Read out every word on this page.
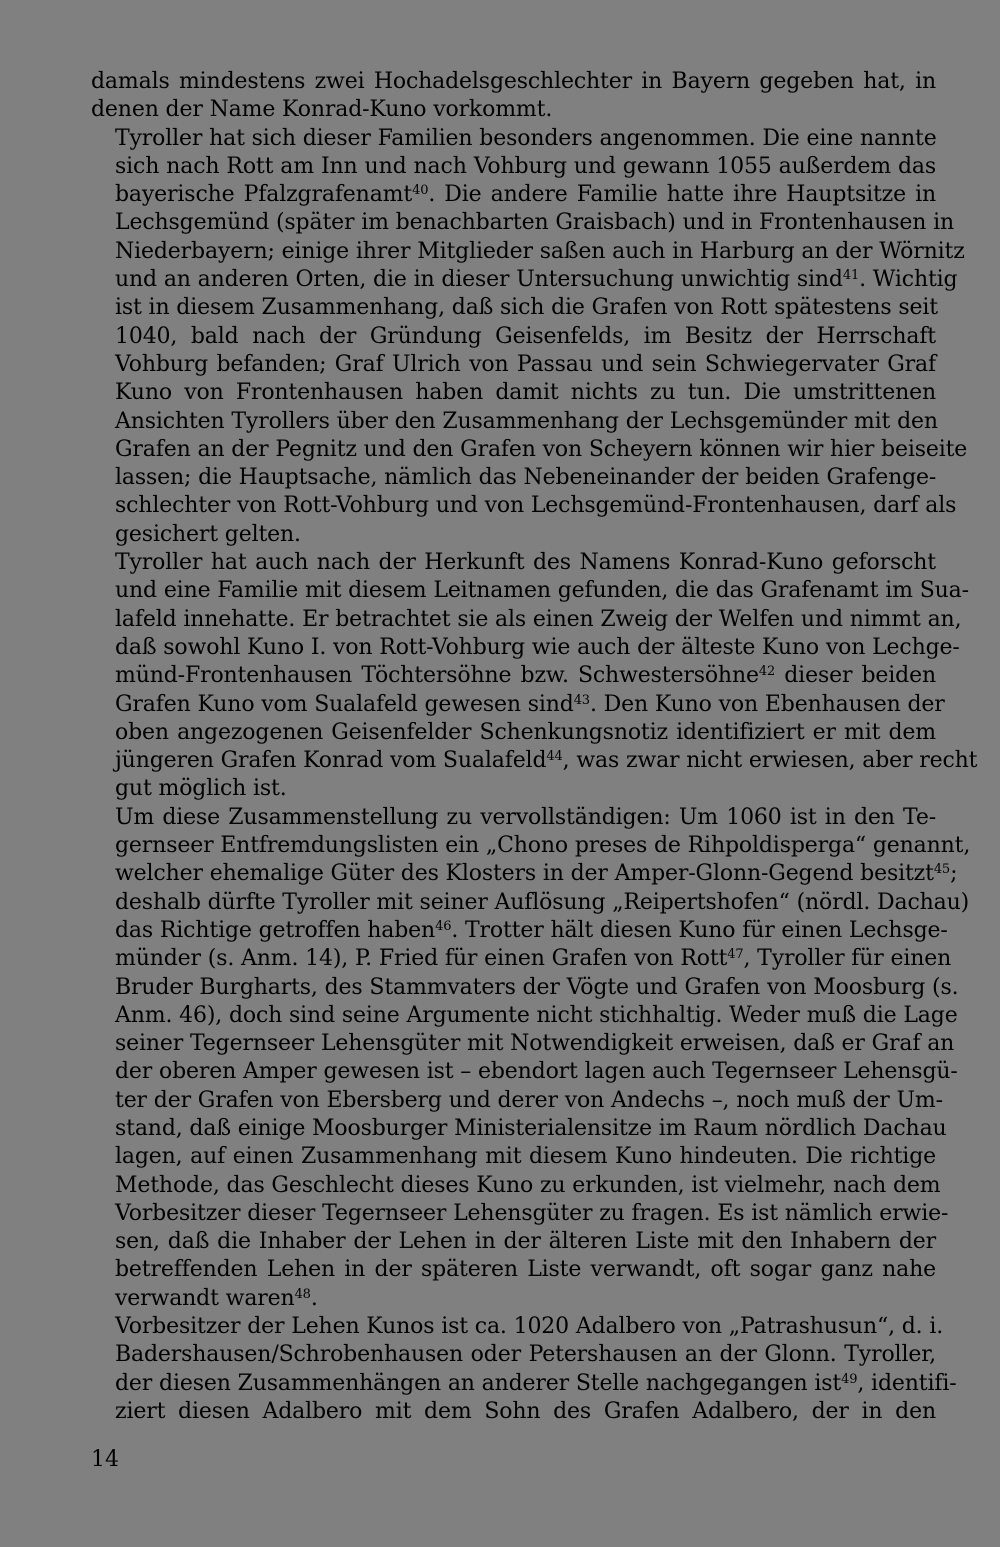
damals mindestens zwei Hochadelsgeschlechter in Bayern gegeben hat, in
denen der Name Konrad-Kuno vorkommt.
Tyroller hat sich dieser Familien besonders angenommen. Die eine nannte
sich nach Rott am Inn und nach Vohburg und gewann 1055 außerdem das
bayerische Pfalzgrafenamt$^{40}$. Die andere Familie hatte ihre Hauptsitze in
Lechsgemünd (später im benachbarten Graisbach) und in Frontenhausen in
Niederbayern; einige ihrer Mitglieder saßen auch in Harburg an der Wörnitz
und an anderen Orten, die in dieser Untersuchung unwichtig sind$^{41}$. Wichtig
ist in diesem Zusammenhang, daß sich die Grafen von Rott spätestens seit
1040, bald nach der Gründung Geisenfelds, im Besitz der Herrschaft
Vohburg befanden; Graf Ulrich von Passau und sein Schwiegervater Graf
Kuno von Frontenhausen haben damit nichts zu tun. Die umstrittenen
Ansichten Tyrollers über den Zusammenhang der Lechsgemünder mit den
Grafen an der Pegnitz und den Grafen von Scheyern können wir hier beiseite
lassen; die Hauptsache, nämlich das Nebeneinander der beiden Grafenge-
schlechter von Rott-Vohburg und von Lechsgemünd-Frontenhausen, darf als
gesichert gelten.
Tyroller hat auch nach der Herkunft des Namens Konrad-Kuno geforscht
und eine Familie mit diesem Leitnamen gefunden, die das Grafenamt im Sua-
lafeld innehatte. Er betrachtet sie als einen Zweig der Welfen und nimmt an,
daß sowohl Kuno I. von Rott-Vohburg wie auch der älteste Kuno von Lechge-
münd-Frontenhausen Töchtersöhne bzw. Schwestersöhne$^{42}$ dieser beiden
Grafen Kuno vom Sualafeld gewesen sind$^{43}$. Den Kuno von Ebenhausen der
oben angezogenen Geisenfelder Schenkungsnotiz identifiziert er mit dem
jüngeren Grafen Konrad vom Sualafeld$^{44}$, was zwar nicht erwiesen, aber recht
gut möglich ist.
Um diese Zusammenstellung zu vervollständigen: Um 1060 ist in den Te-
gernseer Entfremdungslisten ein „Chono preses de Rihpoldisperga“ genannt,
welcher ehemalige Güter des Klosters in der Amper-Glonn-Gegend besitzt$^{45}$;
deshalb dürfte Tyroller mit seiner Auflösung „Reipertshofen“ (nördl. Dachau)
das Richtige getroffen haben$^{46}$. Trotter hält diesen Kuno für einen Lechsge-
münder (s. Anm. 14), P. Fried für einen Grafen von Rott$^{47}$, Tyroller für einen
Bruder Burgharts, des Stammvaters der Vögte und Grafen von Moosburg (s.
Anm. 46), doch sind seine Argumente nicht stichhaltig. Weder muß die Lage
seiner Tegernseer Lehensgüter mit Notwendigkeit erweisen, daß er Graf an
der oberen Amper gewesen ist – ebendort lagen auch Tegernseer Lehensgü-
ter der Grafen von Ebersberg und derer von Andechs –, noch muß der Um-
stand, daß einige Moosburger Ministerialensitze im Raum nördlich Dachau
lagen, auf einen Zusammenhang mit diesem Kuno hindeuten. Die richtige
Methode, das Geschlecht dieses Kuno zu erkunden, ist vielmehr, nach dem
Vorbesitzer dieser Tegernseer Lehensgüter zu fragen. Es ist nämlich erwie-
sen, daß die Inhaber der Lehen in der älteren Liste mit den Inhabern der
betreffenden Lehen in der späteren Liste verwandt, oft sogar ganz nahe
verwandt waren$^{48}$.
Vorbesitzer der Lehen Kunos ist ca. 1020 Adalbero von „Patrashusun“, d. i.
Badershausen/Schrobenhausen oder Petershausen an der Glonn. Tyroller,
der diesen Zusammenhängen an anderer Stelle nachgegangen ist$^{49}$, identifi-
ziert diesen Adalbero mit dem Sohn des Grafen Adalbero, der in den
14
